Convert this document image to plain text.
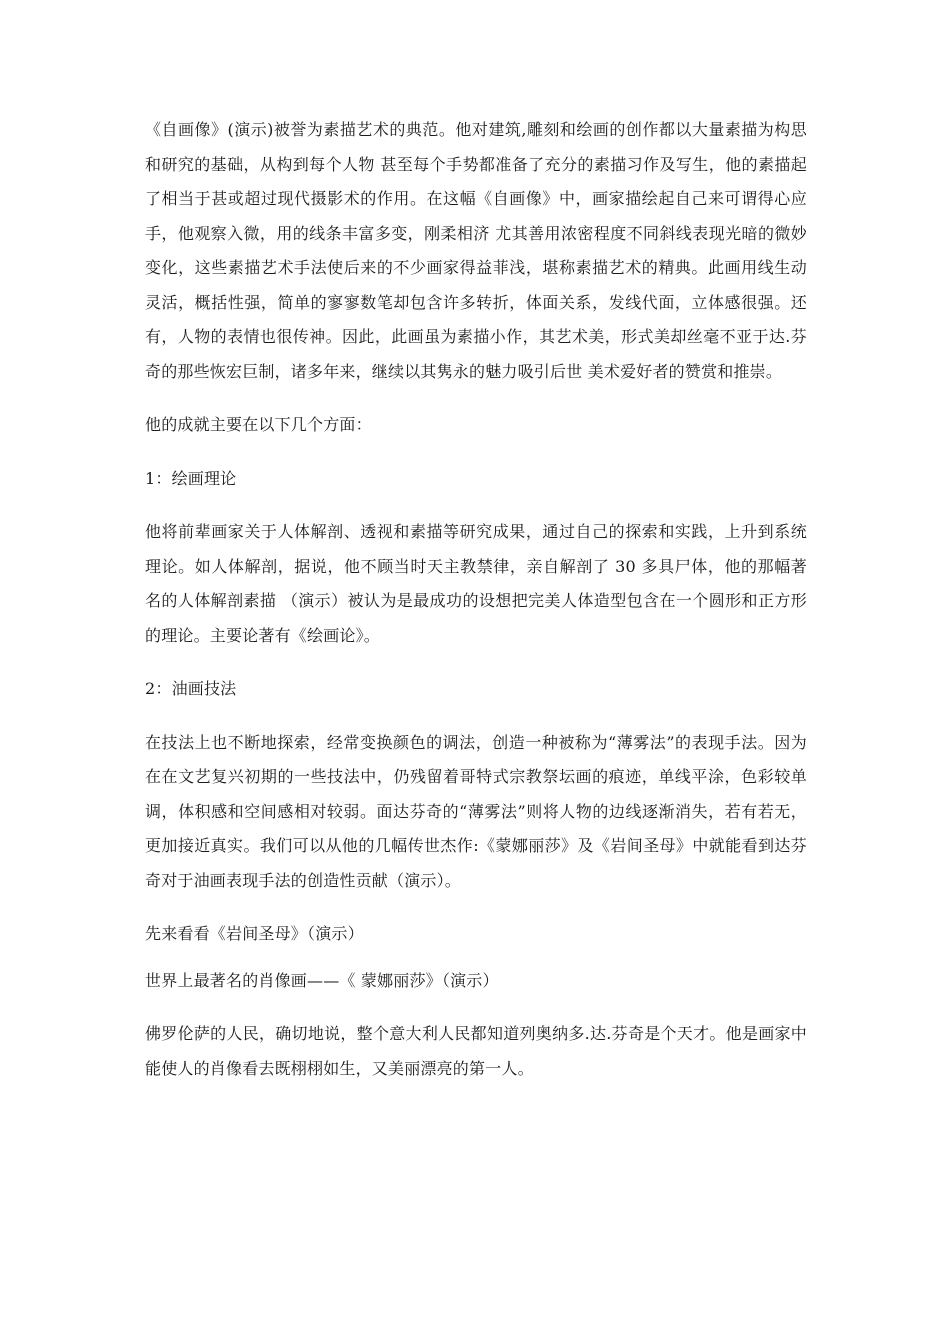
《自画像》(演示)被誉为素描艺术的典范。他对建筑,雕刻和绘画的创作都以大量素描为构思和研究的基础，从构到每个人物 甚至每个手势都准备了充分的素描习作及写生，他的素描起了相当于甚或超过现代摄影术的作用。在这幅《自画像》中，画家描绘起自己来可谓得心应手，他观察入微，用的线条丰富多变，刚柔相济 尤其善用浓密程度不同斜线表现光暗的微妙变化，这些素描艺术手法使后来的不少画家得益菲浅，堪称素描艺术的精典。此画用线生动灵活，概括性强，简单的寥寥数笔却包含许多转折，体面关系，发线代面，立体感很强。还有，人物的表情也很传神。因此，此画虽为素描小作，其艺术美，形式美却丝毫不亚于达.芬奇的那些恢宏巨制，诸多年来，继续以其隽永的魅力吸引后世 美术爱好者的赞赏和推崇。

他的成就主要在以下几个方面：

1：绘画理论

他将前辈画家关于人体解剖、透视和素描等研究成果，通过自己的探索和实践，上升到系统理论。如人体解剖，据说，他不顾当时天主教禁律，亲自解剖了 30 多具尸体，他的那幅著名的人体解剖素描 （演示）被认为是最成功的设想把完美人体造型包含在一个圆形和正方形的理论。主要论著有《绘画论》。

2：油画技法

在技法上也不断地探索，经常变换颜色的调法，创造一种被称为“薄雾法”的表现手法。因为在在文艺复兴初期的一些技法中，仍残留着哥特式宗教祭坛画的痕迹，单线平涂，色彩较单调，体积感和空间感相对较弱。面达芬奇的“薄雾法”则将人物的边线逐渐消失，若有若无，更加接近真实。我们可以从他的几幅传世杰作:《蒙娜丽莎》及《岩间圣母》中就能看到达芬奇对于油画表现手法的创造性贡献（演示）。

先来看看《岩间圣母》（演示）

世界上最著名的肖像画——《 蒙娜丽莎》（演示）

佛罗伦萨的人民，确切地说，整个意大利人民都知道列奥纳多.达.芬奇是个天才。他是画家中能使人的肖像看去既栩栩如生，又美丽漂亮的第一人。
